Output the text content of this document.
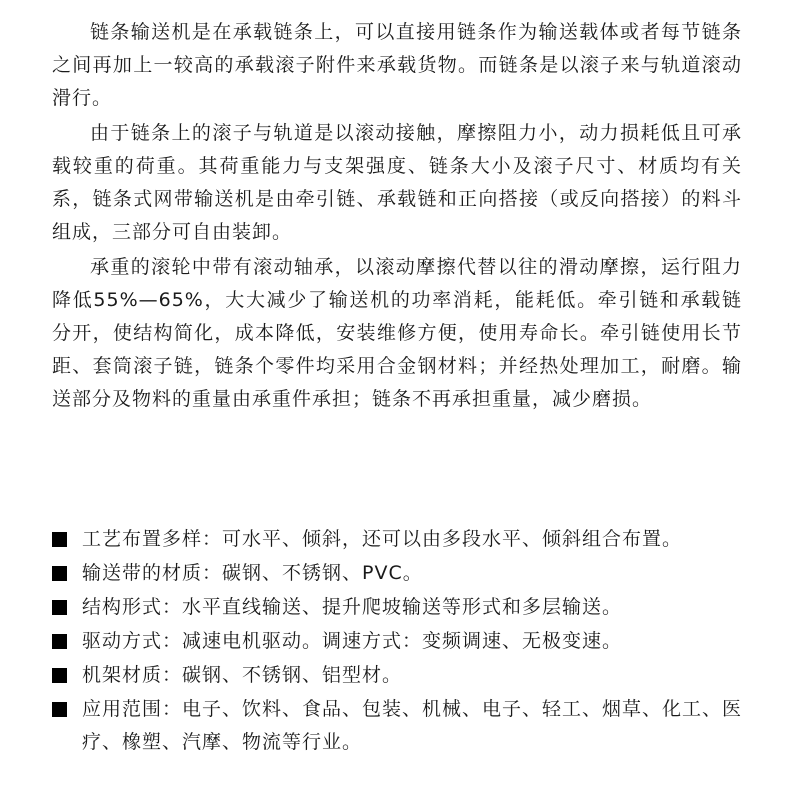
链条输送机是在承载链条上，可以直接用链条作为输送载体或者每节链条之间再加上一较高的承载滚子附件来承载货物。而链条是以滚子来与轨道滚动滑行。

由于链条上的滚子与轨道是以滚动接触，摩擦阻力小，动力损耗低且可承载较重的荷重。其荷重能力与支架强度、链条大小及滚子尺寸、材质均有关系，链条式网带输送机是由牵引链、承载链和正向搭接（或反向搭接）的料斗组成，三部分可自由装卸。

承重的滚轮中带有滚动轴承，以滚动摩擦代替以往的滑动摩擦，运行阻力降低55%—65%，大大减少了输送机的功率消耗，能耗低。牵引链和承载链分开，使结构简化，成本降低，安装维修方便，使用寿命长。牵引链使用长节距、套筒滚子链，链条个零件均采用合金钢材料；并经热处理加工，耐磨。输送部分及物料的重量由承重件承担；链条不再承担重量，减少磨损。

工艺布置多样：可水平、倾斜，还可以由多段水平、倾斜组合布置。
输送带的材质：碳钢、不锈钢、PVC。
结构形式：水平直线输送、提升爬坡输送等形式和多层输送。
驱动方式：减速电机驱动。调速方式：变频调速、无极变速。
机架材质：碳钢、不锈钢、铝型材。
应用范围：电子、饮料、食品、包装、机械、电子、轻工、烟草、化工、医疗、橡塑、汽摩、物流等行业。
